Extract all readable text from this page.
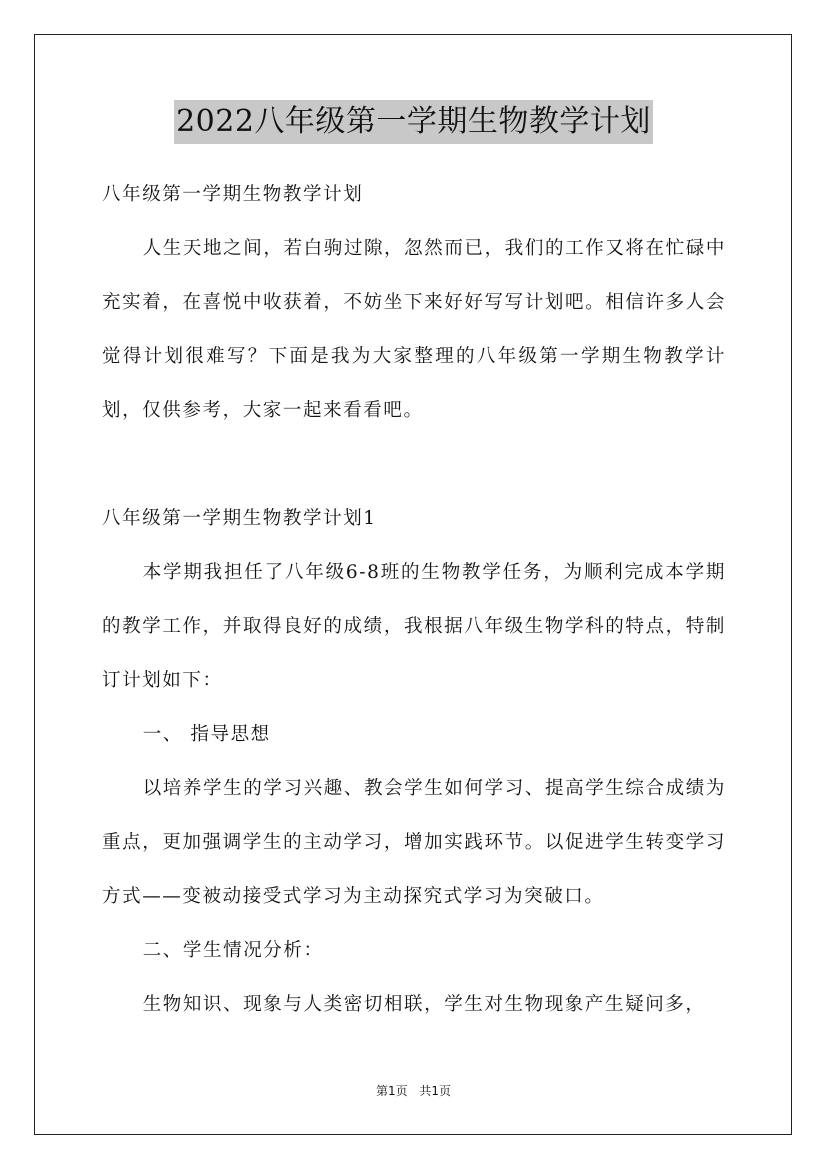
2022八年级第一学期生物教学计划

八年级第一学期生物教学计划

人生天地之间，若白驹过隙，忽然而已，我们的工作又将在忙碌中充实着，在喜悦中收获着，不妨坐下来好好写写计划吧。相信许多人会觉得计划很难写？下面是我为大家整理的八年级第一学期生物教学计划，仅供参考，大家一起来看看吧。

八年级第一学期生物教学计划1

本学期我担任了八年级6-8班的生物教学任务，为顺利完成本学期的教学工作，并取得良好的成绩，我根据八年级生物学科的特点，特制订计划如下：

一、 指导思想

以培养学生的学习兴趣、教会学生如何学习、提高学生综合成绩为重点，更加强调学生的主动学习，增加实践环节。以促进学生转变学习方式——变被动接受式学习为主动探究式学习为突破口。

二、学生情况分析：

生物知识、现象与人类密切相联，学生对生物现象产生疑问多，

第1页 共1页
